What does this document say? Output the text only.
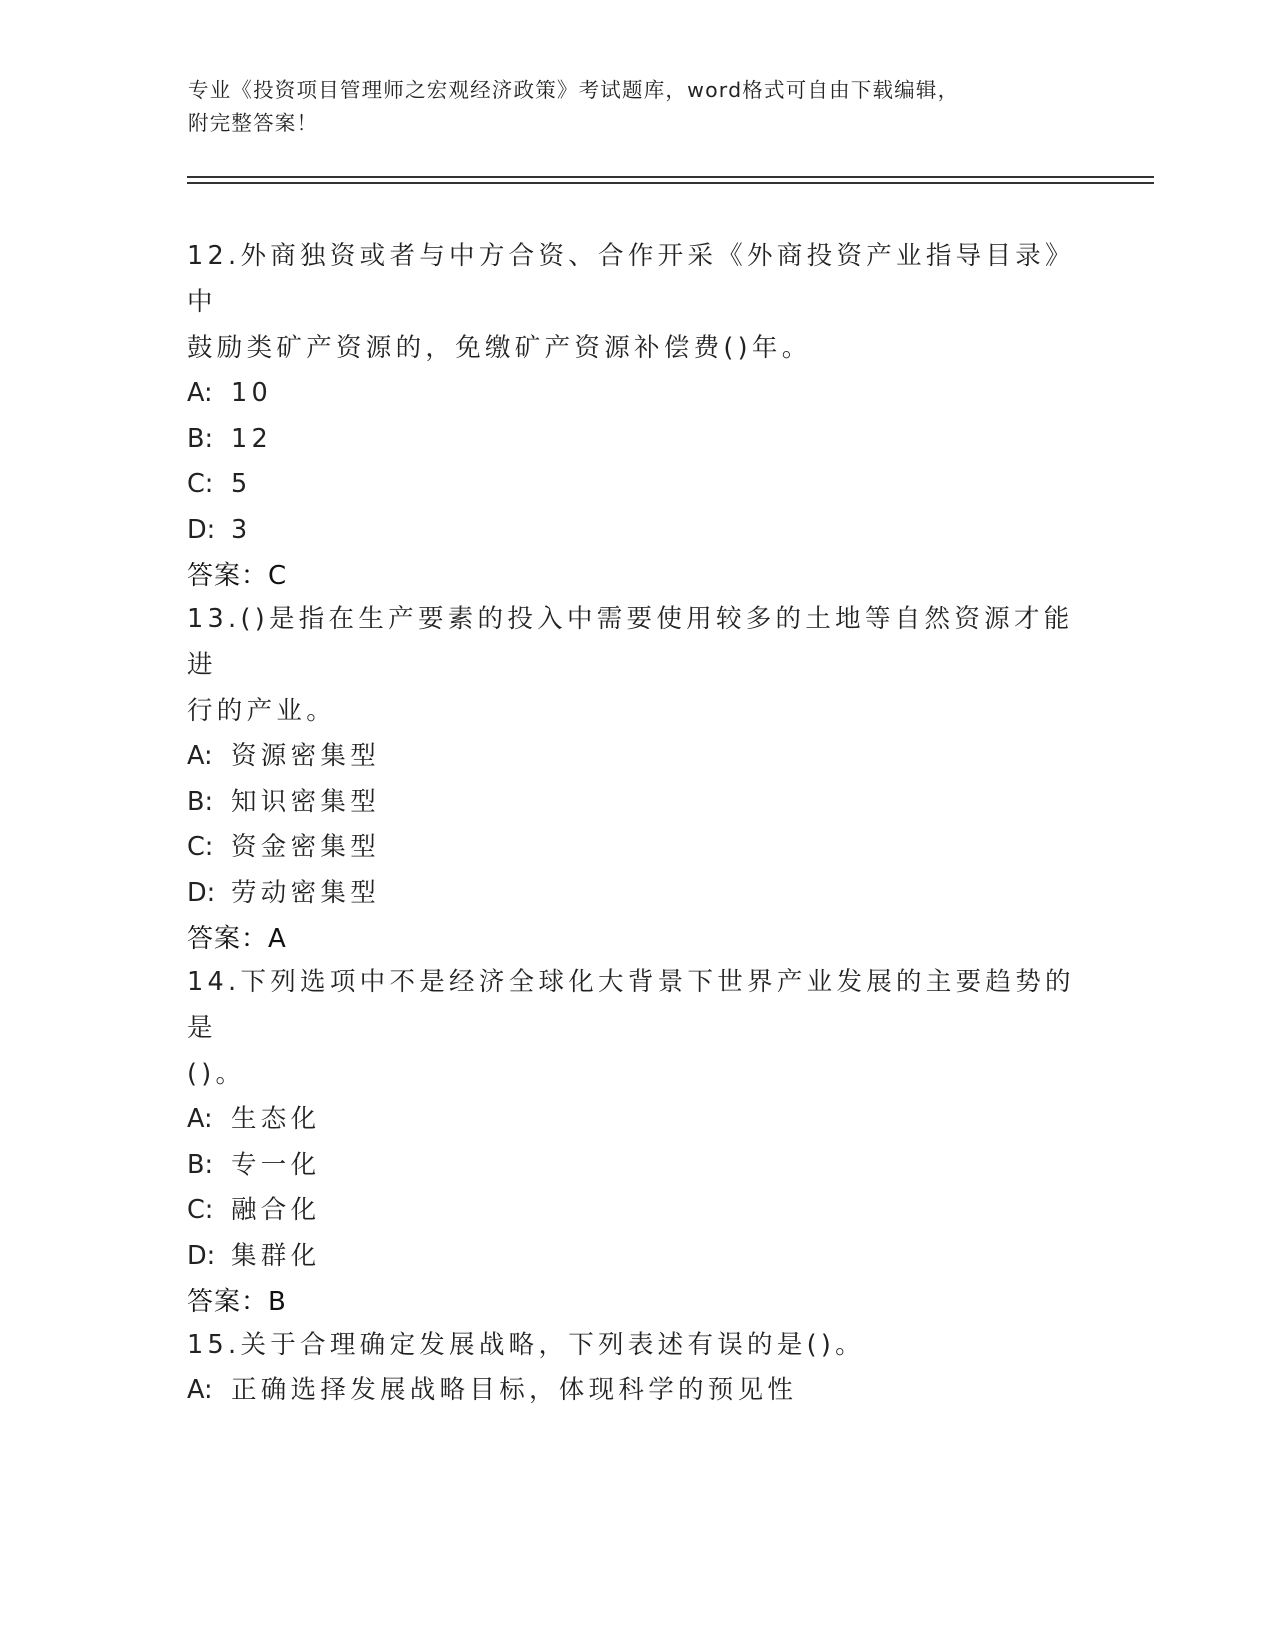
专业《投资项目管理师之宏观经济政策》考试题库，word格式可自由下载编辑，

附完整答案！

12.外商独资或者与中方合资、合作开采《外商投资产业指导目录》中

鼓励类矿产资源的，免缴矿产资源补偿费()年。

A: 10

B: 12

C: 5

D: 3

答案：C

13.()是指在生产要素的投入中需要使用较多的土地等自然资源才能进

行的产业。

A: 资源密集型

B: 知识密集型

C: 资金密集型

D: 劳动密集型

答案：A

14.下列选项中不是经济全球化大背景下世界产业发展的主要趋势的是

()。

A: 生态化

B: 专一化

C: 融合化

D: 集群化

答案：B

15.关于合理确定发展战略，下列表述有误的是()。

A: 正确选择发展战略目标，体现科学的预见性
